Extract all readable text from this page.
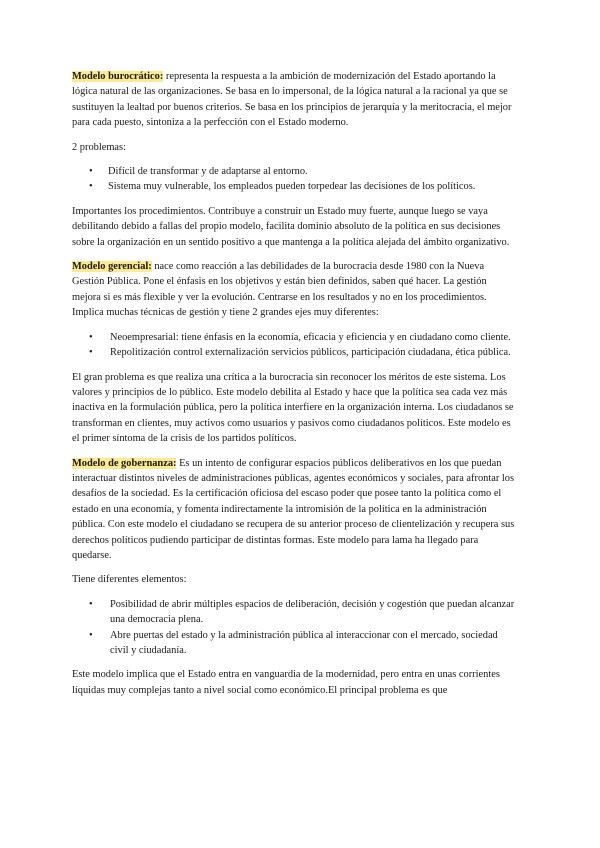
Modelo burocrático: representa la respuesta a la ambición de modernización del Estado aportando la lógica natural de las organizaciones. Se basa en lo impersonal, de la lógica natural a la racional ya que se sustituyen la lealtad por buenos criterios. Se basa en los principios de jerarquía y la meritocracia, el mejor para cada puesto, sintoniza a la perfección con el Estado moderno.

2 problemas:

• Difícil de transformar y de adaptarse al entorno.
• Sistema muy vulnerable, los empleados pueden torpedear las decisiones de los políticos.

Importantes los procedimientos. Contribuye a construir un Estado muy fuerte, aunque luego se vaya debilitando debido a fallas del propio modelo, facilita dominio absoluto de la política en sus decisiones sobre la organización en un sentido positivo a que mantenga a la política alejada del ámbito organizativo.

Modelo gerencial: nace como reacción a las debilidades de la burocracia desde 1980 con la Nueva Gestión Pública. Pone el énfasis en los objetivos y están bien definidos, saben qué hacer. La gestión mejora si es más flexible y ver la evolución. Centrarse en los resultados y no en los procedimientos. Implica muchas técnicas de gestión y tiene 2 grandes ejes muy diferentes:

• Neoempresarial: tiene énfasis en la economía, eficacia y eficiencia y en ciudadano como cliente.
• Repolitización control externalización servicios públicos, participación ciudadana, ética pública.

El gran problema es que realiza una crítica a la burocracia sin reconocer los méritos de este sistema. Los valores y principios de lo público. Este modelo debilita al Estado y hace que la política sea cada vez más inactiva en la formulación pública, pero la política interfiere en la organización interna. Los ciudadanos se transforman en clientes, muy activos como usuarios y pasivos como ciudadanos políticos. Este modelo es el primer síntoma de la crisis de los partidos políticos.

Modelo de gobernanza: Es un intento de configurar espacios públicos deliberativos en los que puedan interactuar distintos niveles de administraciones públicas, agentes económicos y sociales, para afrontar los desafíos de la sociedad. Es la certificación oficiosa del escaso poder que posee tanto la política como el estado en una economía, y fomenta indirectamente la intromisión de la política en la administración pública. Con este modelo el ciudadano se recupera de su anterior proceso de clientelización y recupera sus derechos políticos pudiendo participar de distintas formas. Este modelo para lama ha llegado para quedarse.

Tiene diferentes elementos:

• Posibilidad de abrir múltiples espacios de deliberación, decisión y cogestión que puedan alcanzar una democracia plena.
• Abre puertas del estado y la administración pública al interaccionar con el mercado, sociedad civil y ciudadanía.

Este modelo implica que el Estado entra en vanguardia de la modernidad, pero entra en unas corrientes líquidas muy complejas tanto a nivel social como económico.El principal problema es que
